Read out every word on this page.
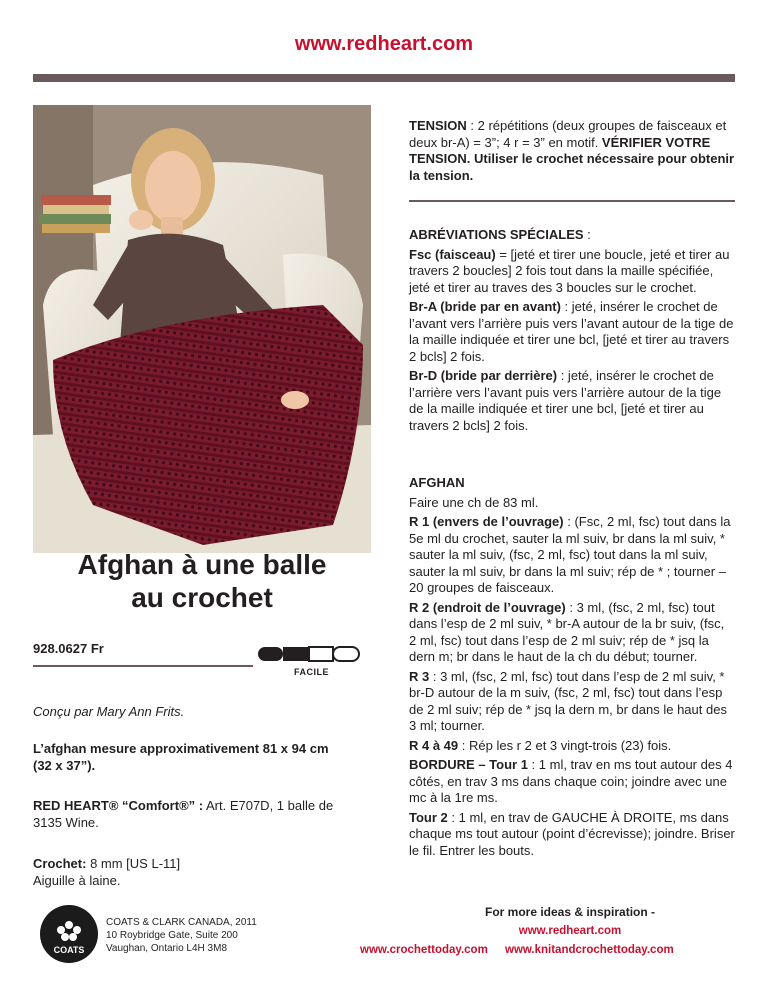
www.redheart.com
Afghan à une balle
au crochet
928.0627 Fr
FACILE
Conçu par Mary Ann Frits.
L’afghan mesure approximativement 81 x 94 cm
(32 x 37”).
RED HEART® “Comfort®” : Art. E707D, 1 balle de
3135 Wine.
Crochet: 8 mm [US L-11]
Aiguille à laine.
COATS
COATS & CLARK CANADA, 2011
10 Roybridge Gate, Suite 200
Vaughan, Ontario L4H 3M8
TENSION : 2 répétitions (deux groupes de faisceaux et deux br-A) = 3”; 4 r = 3” en motif. VÉRIFIER VOTRE TENSION. Utiliser le crochet nécessaire pour obtenir la tension.
ABRÉVIATIONS SPÉCIALES :
Fsc (faisceau) = [jeté et tirer une boucle, jeté et tirer au travers 2 boucles] 2 fois tout dans la maille spécifiée, jeté et tirer au traves des 3 boucles sur le crochet.
Br-A (bride par en avant) : jeté, insérer le crochet de l’avant vers l’arrière puis vers l’avant autour de la tige de la maille indiquée et tirer une bcl, [jeté et tirer au travers 2 bcls] 2 fois.
Br-D (bride par derrière) : jeté, insérer le crochet de l’arrière vers l’avant puis vers l’arrière autour de la tige de la maille indiquée et tirer une bcl, [jeté et tirer au travers 2 bcls] 2 fois.
AFGHAN
Faire une ch de 83 ml.
R 1 (envers de l’ouvrage) : (Fsc, 2 ml, fsc) tout dans la 5e ml du crochet, sauter la ml suiv, br dans la ml suiv, * sauter la ml suiv, (fsc, 2 ml, fsc) tout dans la ml suiv, sauter la ml suiv, br dans la ml suiv; rép de * ; tourner – 20 groupes de faisceaux.
R 2 (endroit de l’ouvrage) : 3 ml, (fsc, 2 ml, fsc) tout dans l’esp de 2 ml suiv, * br-A autour de la br suiv, (fsc, 2 ml, fsc) tout dans l’esp de 2 ml suiv; rép de * jsq la dern m; br dans le haut de la ch du début; tourner.
R 3 : 3 ml, (fsc, 2 ml, fsc) tout dans l’esp de 2 ml suiv, * br-D autour de la m suiv, (fsc, 2 ml, fsc) tout dans l’esp de 2 ml suiv; rép de * jsq la dern m, br dans le haut des 3 ml; tourner.
R 4 à 49 : Rép les r 2 et 3 vingt-trois (23) fois.
BORDURE – Tour 1 : 1 ml, trav en ms tout autour des 4 côtés, en trav 3 ms dans chaque coin; joindre avec une mc à la 1re ms.
Tour 2 : 1 ml, en trav de GAUCHE À DROITE, ms dans chaque ms tout autour (point d’écrevisse); joindre. Briser le fil. Entrer les bouts.
For more ideas & inspiration -
www.redheart.com
www.crochettoday.com www.knitandcrochettoday.com
